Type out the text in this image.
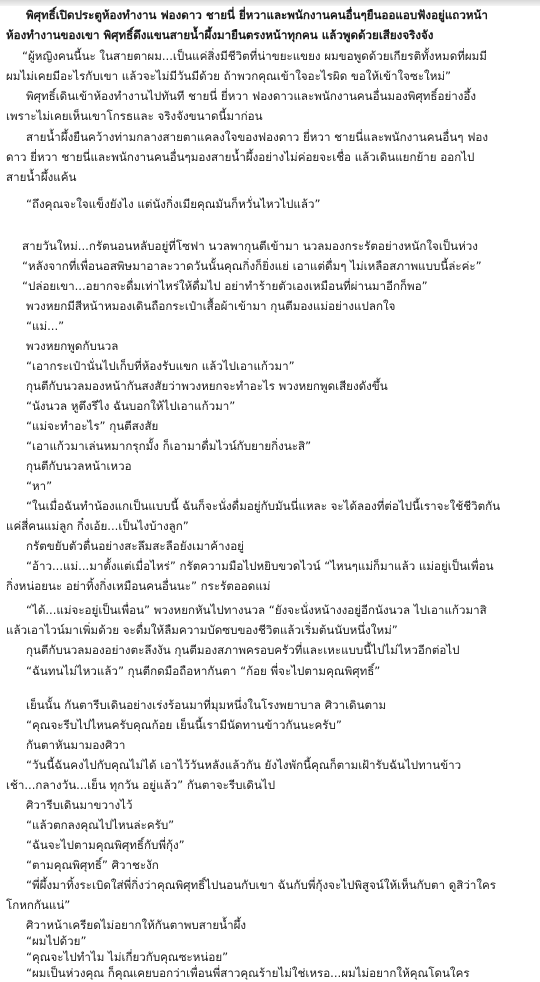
พิศุทธิ์เปิดประตูห้องทำงาน ฟองดาว ชายนี่ ยี่หวาและพนักงานคนอื่นๆยืนออแอบฟังอยู่แถวหน้า
ห้องทำงานของเขา พิศุทธิ์ดึงแขนสายน้ำผึ้งมายืนตรงหน้าทุกคน แล้วพูดด้วยเสียงจริงจัง
“ผู้หญิงคนนี้นะ ในสายตาผม...เป็นแค่สิ่งมีชีวิตที่น่าขยะแขยง ผมขอพูดด้วยเกียรติทั้งหมดที่ผมมี
ผมไม่เคยมีอะไรกับเขา แล้วจะไม่มีวันมีด้วย ถ้าพวกคุณเข้าใจอะไรผิด ขอให้เข้าใจซะใหม่”
พิศุทธิ์เดินเข้าห้องทำงานไปทันที ชายนี่ ยี่หวา ฟองดาวและพนักงานคนอื่นมองพิศุทธิ์อย่างอึ้ง
เพราะไม่เคยเห็นเขาโกรธและ จริงจังขนาดนี้มาก่อน
สายน้ำผึ้งยืนคว้างท่ามกลางสายตาแคลงใจของฟองดาว ยี่หวา ชายนี่และพนักงานคนอื่นๆ ฟอง
ดาว ยี่หวา ชายนี่และพนักงานคนอื่นๆมองสายน้ำผึ้งอย่างไม่ค่อยจะเชื่อ แล้วเดินแยกย้าย ออกไป
สายน้ำผึ้งแค้น
“ถึงคุณจะใจแข็งยังไง แต่นังกิ่งเมียคุณมันก็หวั่นไหวไปแล้ว”
สายวันใหม่...กรัตนอนหลับอยู่ที่โซฟา นวลพากุนตีเข้ามา นวลมองกระรัตอย่างหนักใจเป็นห่วง
“หลังจากที่เพื่อนอสพิษมาอาละวาดวันนั้นคุณกิ่งก็ยิ่งแย่ เอาแต่ดื่มๆ ไม่เหลือสภาพแบบนี้ล่ะค่ะ”
“ปล่อยเขา...อยากจะดื่มเท่าไหร่ให้ดื่มไป อย่าทำร้ายตัวเองเหมือนที่ผ่านมาอีกก็พอ”
พวงหยกมีสีหน้าหมองเดินถือกระเป๋าเสื้อผ้าเข้ามา กุนตีมองแม่อย่างแปลกใจ
“แม่...”
พวงหยกพูดกับนวล
“เอากระเป๋านั่นไปเก็บที่ห้องรับแขก แล้วไปเอาแก้วมา”
กุนตีกับนวลมองหน้ากันสงสัยว่าพวงหยกจะทำอะไร พวงหยกพูดเสียงดังขึ้น
“นังนวล หูตึงรึไง ฉันบอกให้ไปเอาแก้วมา”
“แม่จะทำอะไร” กุนตีสงสัย
“เอาแก้วมาเล่นหมากรุกมั้ง ก็เอามาดื่มไวน์กับยายกิ่งนะสิ”
กุนตีกับนวลหน้าเหวอ
“หา”
“ในเมื่อฉันทำน้องแกเป็นแบบนี้ ฉันก็จะนั่งดื่มอยู่กับมันนี่แหละ จะได้ลองที่ต่อไปนี้เราจะใช้ชีวิตกัน
แค่สี่คนแม่ลูก กิ๋งเอ้ย...เป็นไงบ้างลูก”
กรัตขยับตัวตื่นอย่างสะลึมสะลือยังเมาค้างอยู่
“อ้าว...แม่...มาตั้งแต่เมื่อไหร่” กรัตความมือไปหยิบขวดไวน์ “ไหนๆแม่ก็มาแล้ว แม่อยู่เป็นเพื่อน
กิ่งหน่อยนะ อย่าทิ้งกิ่งเหมือนคนอื่นนะ” กระรัตออดแม่
“ได้...แม่จะอยู่เป็นเพื่อน” พวงหยกหันไปทางนวล “ยังจะนั่งหน้างงอยู่อีกนังนวล ไปเอาแก้วมาสิ
แล้วเอาไวน์มาเพิ่มด้วย จะดื่มให้ลืมความบัดซบของชีวิตแล้วเริ่มต้นนับหนึ่งใหม่”
กุนตีกับนวลมองอย่างตะลึงงัน กุนตีมองสภาพครอบครัวที่และเหะแบบนี้ไปไม่ไหวอีกต่อไป
“ฉันทนไม่ไหวแล้ว” กุนตีกดมือถือหากันตา “ก้อย พี่จะไปตามคุณพิศุทธิ์”
เย็นนั้น กันตารีบเดินอย่างเร่งร้อนมาที่มุมหนึ่งในโรงพยาบาล ศิวาเดินตาม
“คุณจะรีบไปไหนครับคุณก้อย เย็นนี้เรามีนัดทานข้าวกันนะครับ”
กันตาหันมามองศิวา
“วันนี้ฉันคงไปกับคุณไม่ได้ เอาไว้วันหลังแล้วกัน ยังไงพักนี้คุณก็ตามเฝ้ารับฉันไปทานข้าว
เช้า...กลางวัน...เย็น ทุกวัน อยู่แล้ว” กันตาจะรีบเดินไป
ศิวารีบเดินมาขวางไว้
“แล้วตกลงคุณไปไหนล่ะครับ”
“ฉันจะไปตามคุณพิศุทธิ์กับพี่กุ้ง”
“ตามคุณพิศุทธิ์” ศิวาชะงัก
“พี่ผึ้งมาทิ้งระเบิดใส่พี่กิ่งว่าคุณพิศุทธิ์ไปนอนกับเขา ฉันกับพี่กุ้งจะไปพิสูจน์ให้เห็นกับตา ดูสิว่าใคร
โกหกกันแน่”
ศิวาหน้าเครียดไม่อยากให้กันตาพบสายน้ำผึ้ง
“ผมไปด้วย”
“คุณจะไปทำไม ไม่เกี่ยวกับคุณซะหน่อย”
“ผมเป็นห่วงคุณ ก็คุณเคยบอกว่าเพื่อนพี่สาวคุณร้ายไม่ใช่เหรอ...ผมไม่อยากให้คุณโดนใคร
